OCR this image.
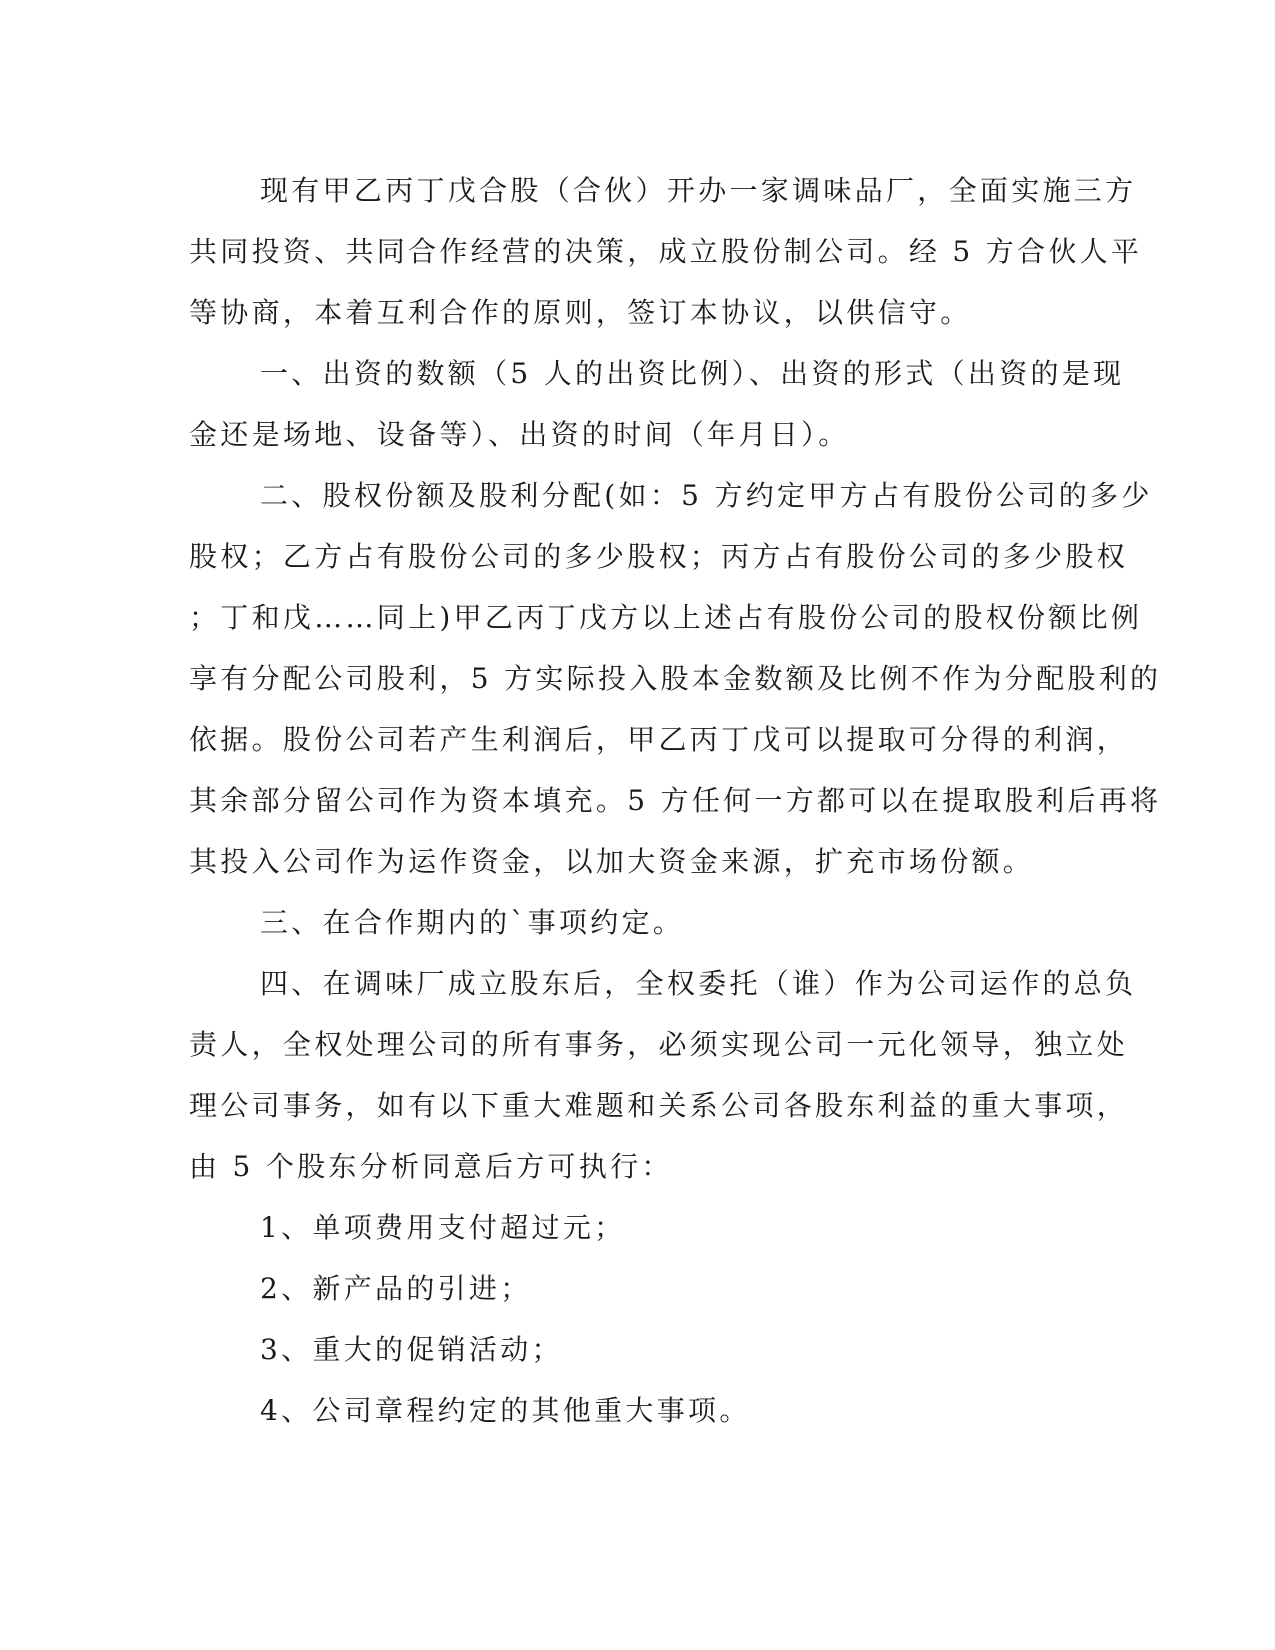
现有甲乙丙丁戊合股（合伙）开办一家调味品厂，全面实施三方
共同投资、共同合作经营的决策，成立股份制公司。经 5 方合伙人平
等协商，本着互利合作的原则，签订本协议，以供信守。
一、出资的数额（5 人的出资比例）、出资的形式（出资的是现
金还是场地、设备等）、出资的时间（年月日）。
二、股权份额及股利分配(如：5 方约定甲方占有股份公司的多少
股权；乙方占有股份公司的多少股权；丙方占有股份公司的多少股权
；丁和戊……同上)甲乙丙丁戊方以上述占有股份公司的股权份额比例
享有分配公司股利，5 方实际投入股本金数额及比例不作为分配股利的
依据。股份公司若产生利润后，甲乙丙丁戊可以提取可分得的利润，
其余部分留公司作为资本填充。5 方任何一方都可以在提取股利后再将
其投入公司作为运作资金，以加大资金来源，扩充市场份额。
三、在合作期内的`事项约定。
四、在调味厂成立股东后，全权委托（谁）作为公司运作的总负
责人，全权处理公司的所有事务，必须实现公司一元化领导，独立处
理公司事务，如有以下重大难题和关系公司各股东利益的重大事项，
由 5 个股东分析同意后方可执行：
1、单项费用支付超过元；
2、新产品的引进；
3、重大的促销活动；
4、公司章程约定的其他重大事项。
